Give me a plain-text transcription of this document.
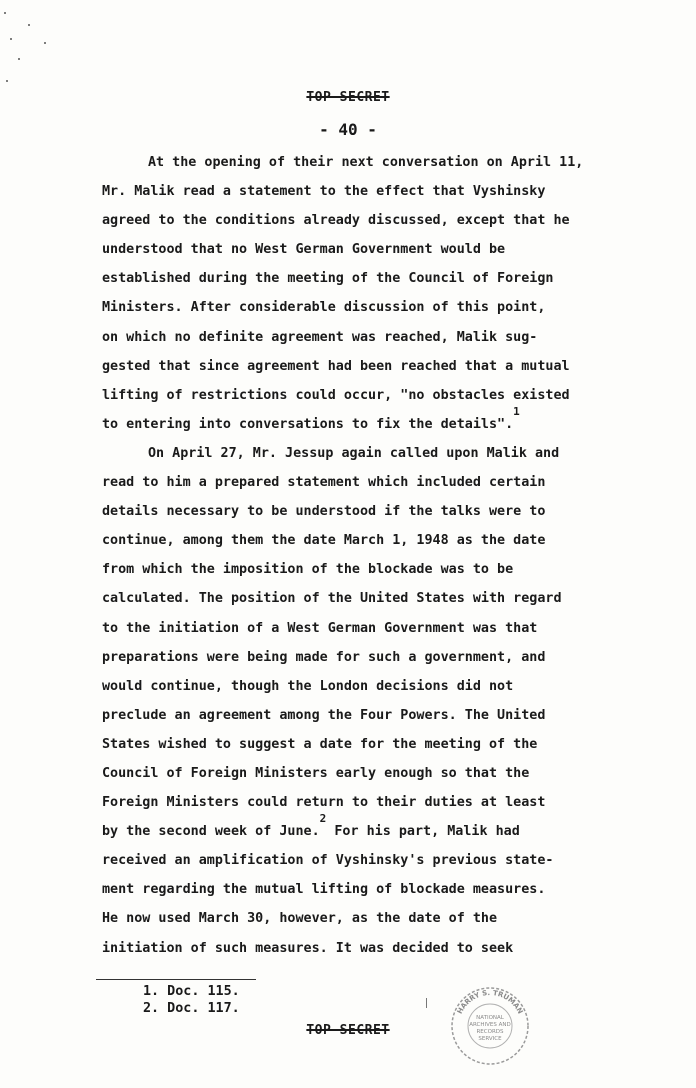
TOP SECRET
- 40 -
At the opening of their next conversation on April 11,
Mr. Malik read a statement to the effect that Vyshinsky
agreed to the conditions already discussed, except that he
understood that no West German Government would be
established during the meeting of the Council of Foreign
Ministers. After considerable discussion of this point,
on which no definite agreement was reached, Malik sug-
gested that since agreement had been reached that a mutual
lifting of restrictions could occur, "no obstacles existed
to entering into conversations to fix the details".$^1$
On April 27, Mr. Jessup again called upon Malik and
read to him a prepared statement which included certain
details necessary to be understood if the talks were to
continue, among them the date March 1, 1948 as the date
from which the imposition of the blockade was to be
calculated. The position of the United States with regard
to the initiation of a West German Government was that
preparations were being made for such a government, and
would continue, though the London decisions did not
preclude an agreement among the Four Powers. The United
States wished to suggest a date for the meeting of the
Council of Foreign Ministers early enough so that the
Foreign Ministers could return to their duties at least
by the second week of June.$^2$ For his part, Malik had
received an amplification of Vyshinsky's previous state-
ment regarding the mutual lifting of blockade measures.
He now used March 30, however, as the date of the
initiation of such measures. It was decided to seek
1. Doc. 115.
2. Doc. 117.	HARRY S. TRUMAN
NATIONAL
ARCHIVES AND
RECORDS
SERVICE
TOP SECRET
